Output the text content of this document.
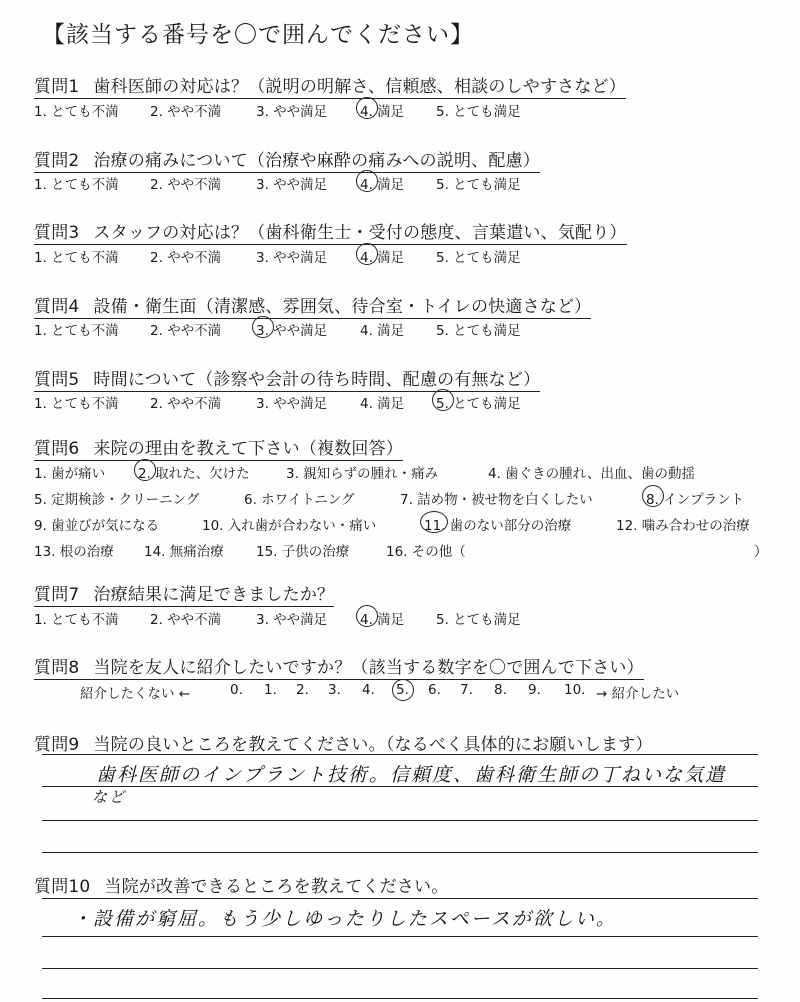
【該当する番号を〇で囲んでください】
質問1 歯科医師の対応は？（説明の明解さ、信頼感、相談のしやすさなど）
1. とても不満 2. やや不満	3. やや満足 4. 満足 5. とても満足
質問2 治療の痛みについて（治療や麻酔の痛みへの説明、配慮）
1. とても不満 2. やや不満	3. やや満足 4. 満足 5. とても満足
質問3 スタッフの対応は？（歯科衛生士・受付の態度、言葉遣い、気配り）
1. とても不満 2. やや不満	3. やや満足 4. 満足 5. とても満足
質問4 設備・衛生面（清潔感、雰囲気、待合室・トイレの快適さなど）
1. とても不満 2. やや不満	3. やや満足 4. 満足 5. とても満足
質問5 時間について（診察や会計の待ち時間、配慮の有無など）
1. とても不満 2. やや不満	3. やや満足 4. 満足 5. とても満足
質問6 来院の理由を教えて下さい（複数回答）
1. 歯が痛い 2. 取れた、欠けた	3. 親知らずの腫れ・痛み	4. 歯ぐきの腫れ、出血、歯の動揺
5. 定期検診・クリーニング	6. ホワイトニング	7. 詰め物・被せ物を白くしたい	8. インプラント
9. 歯並びが気になる	10. 入れ歯が合わない・痛い	11. 歯のない部分の治療	12. 噛み合わせの治療
13. 根の治療 14. 無痛治療 15. 子供の治療	16. その他（	）
質問7 治療結果に満足できましたか？
1. とても不満 2. やや不満	3. やや満足 4. 満足 5. とても満足
質問8 当院を友人に紹介したいですか？（該当する数字を〇で囲んで下さい）
紹介したくない ←	0. 1. 2. 3. 4. 5. 6. 7. 8. 9. 10. → 紹介したい
質問9 当院の良いところを教えてください。（なるべく具体的にお願いします）
歯科医師のインプラント技術。信頼度、歯科衛生師の丁ねいな気遣
など
質問10 当院が改善できるところを教えてください。
・設備が窮屈。もう少しゆったりしたスペースが欲しい。
